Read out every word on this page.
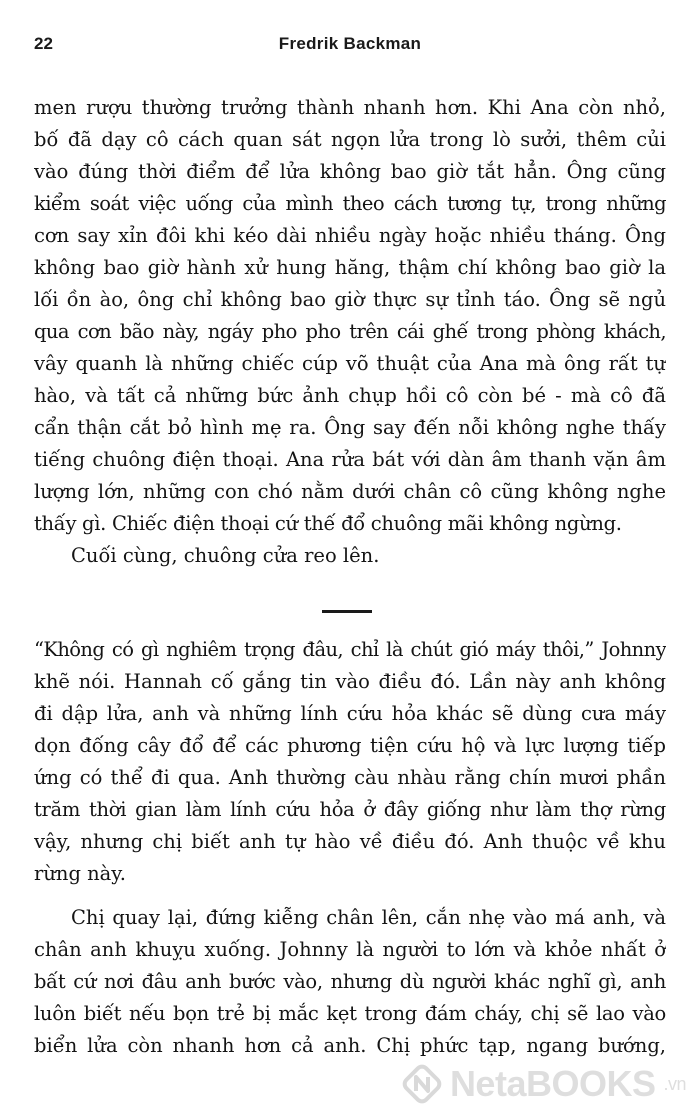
22	Fredrik Backman
men rượu thường trưởng thành nhanh hơn. Khi Ana còn nhỏ,
bố đã dạy cô cách quan sát ngọn lửa trong lò sưởi, thêm củi
vào đúng thời điểm để lửa không bao giờ tắt hẳn. Ông cũng
kiểm soát việc uống của mình theo cách tương tự, trong những
cơn say xỉn đôi khi kéo dài nhiều ngày hoặc nhiều tháng. Ông
không bao giờ hành xử hung hăng, thậm chí không bao giờ la
lối ồn ào, ông chỉ không bao giờ thực sự tỉnh táo. Ông sẽ ngủ
qua cơn bão này, ngáy pho pho trên cái ghế trong phòng khách,
vây quanh là những chiếc cúp võ thuật của Ana mà ông rất tự
hào, và tất cả những bức ảnh chụp hồi cô còn bé - mà cô đã
cẩn thận cắt bỏ hình mẹ ra. Ông say đến nỗi không nghe thấy
tiếng chuông điện thoại. Ana rửa bát với dàn âm thanh vặn âm
lượng lớn, những con chó nằm dưới chân cô cũng không nghe
thấy gì. Chiếc điện thoại cứ thế đổ chuông mãi không ngừng.
Cuối cùng, chuông cửa reo lên.
“Không có gì nghiêm trọng đâu, chỉ là chút gió máy thôi,” Johnny
khẽ nói. Hannah cố gắng tin vào điều đó. Lần này anh không
đi dập lửa, anh và những lính cứu hỏa khác sẽ dùng cưa máy
dọn đống cây đổ để các phương tiện cứu hộ và lực lượng tiếp
ứng có thể đi qua. Anh thường càu nhàu rằng chín mươi phần
trăm thời gian làm lính cứu hỏa ở đây giống như làm thợ rừng
vậy, nhưng chị biết anh tự hào về điều đó. Anh thuộc về khu
rừng này.
Chị quay lại, đứng kiễng chân lên, cắn nhẹ vào má anh, và
chân anh khuỵu xuống. Johnny là người to lớn và khỏe nhất ở
bất cứ nơi đâu anh bước vào, nhưng dù người khác nghĩ gì, anh
luôn biết nếu bọn trẻ bị mắc kẹt trong đám cháy, chị sẽ lao vào
biển lửa còn nhanh hơn cả anh. Chị phức tạp, ngang bướng,
NetaBOOKS .vn
